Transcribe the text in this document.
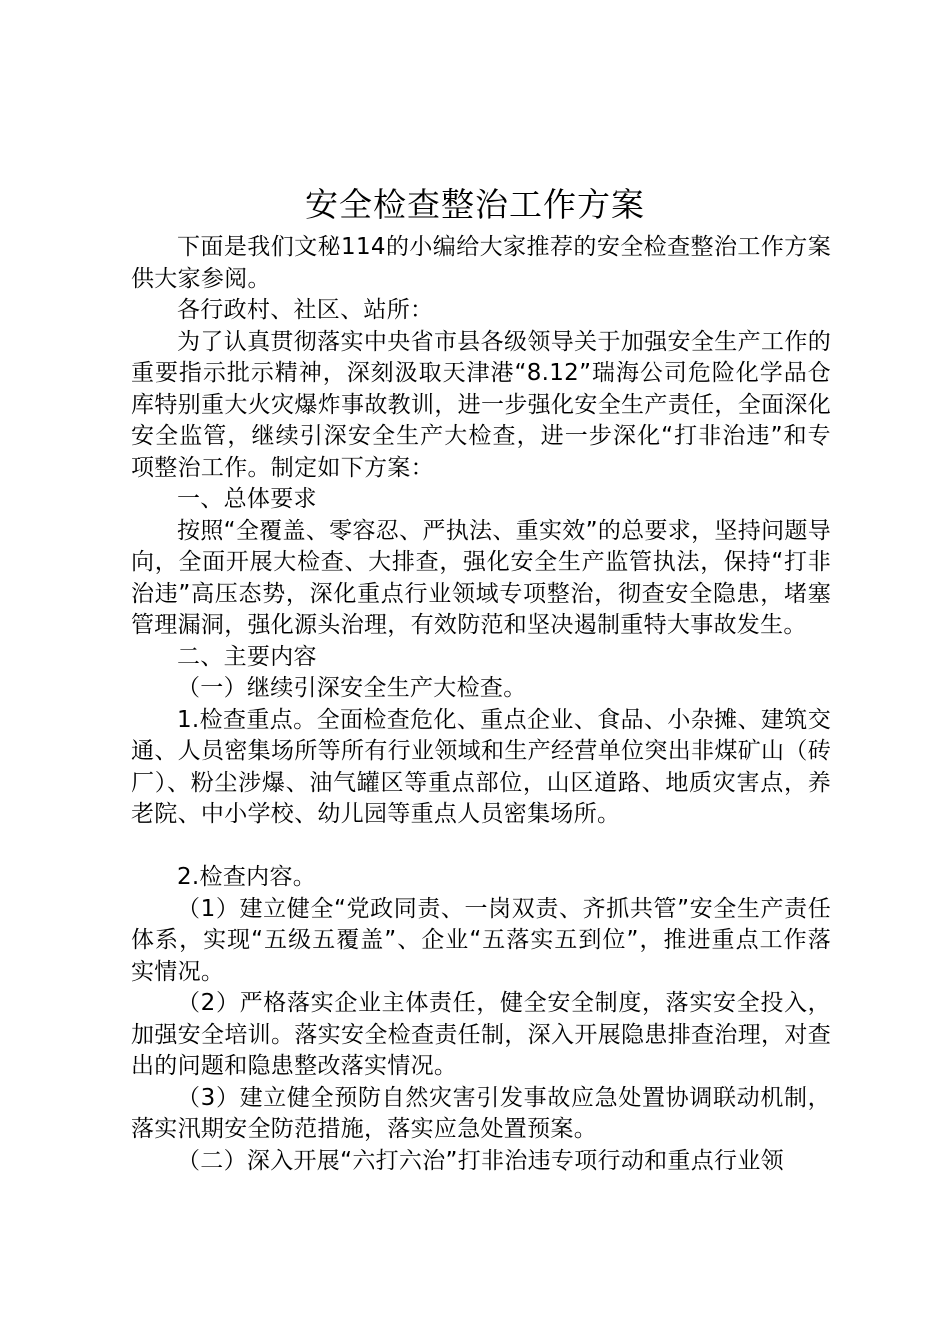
安全检查整治工作方案

下面是我们文秘114的小编给大家推荐的安全检查整治工作方案供大家参阅。

各行政村、社区、站所：

为了认真贯彻落实中央省市县各级领导关于加强安全生产工作的重要指示批示精神，深刻汲取天津港“8.12”瑞海公司危险化学品仓库特别重大火灾爆炸事故教训，进一步强化安全生产责任，全面深化安全监管，继续引深安全生产大检查，进一步深化“打非治违”和专项整治工作。制定如下方案：

一、总体要求

按照“全覆盖、零容忍、严执法、重实效”的总要求，坚持问题导向，全面开展大检查、大排查，强化安全生产监管执法，保持“打非治违”高压态势，深化重点行业领域专项整治，彻查安全隐患，堵塞管理漏洞，强化源头治理，有效防范和坚决遏制重特大事故发生。

二、主要内容

（一）继续引深安全生产大检查。

1.检查重点。全面检查危化、重点企业、食品、小杂摊、建筑交通、人员密集场所等所有行业领域和生产经营单位突出非煤矿山（砖厂）、粉尘涉爆、油气罐区等重点部位，山区道路、地质灾害点，养老院、中小学校、幼儿园等重点人员密集场所。

2.检查内容。

（1）建立健全“党政同责、一岗双责、齐抓共管”安全生产责任体系，实现“五级五覆盖”、企业“五落实五到位”，推进重点工作落实情况。

（2）严格落实企业主体责任，健全安全制度，落实安全投入，加强安全培训。落实安全检查责任制，深入开展隐患排查治理，对查出的问题和隐患整改落实情况。

（3）建立健全预防自然灾害引发事故应急处置协调联动机制，落实汛期安全防范措施，落实应急处置预案。

（二）深入开展“六打六治”打非治违专项行动和重点行业领
